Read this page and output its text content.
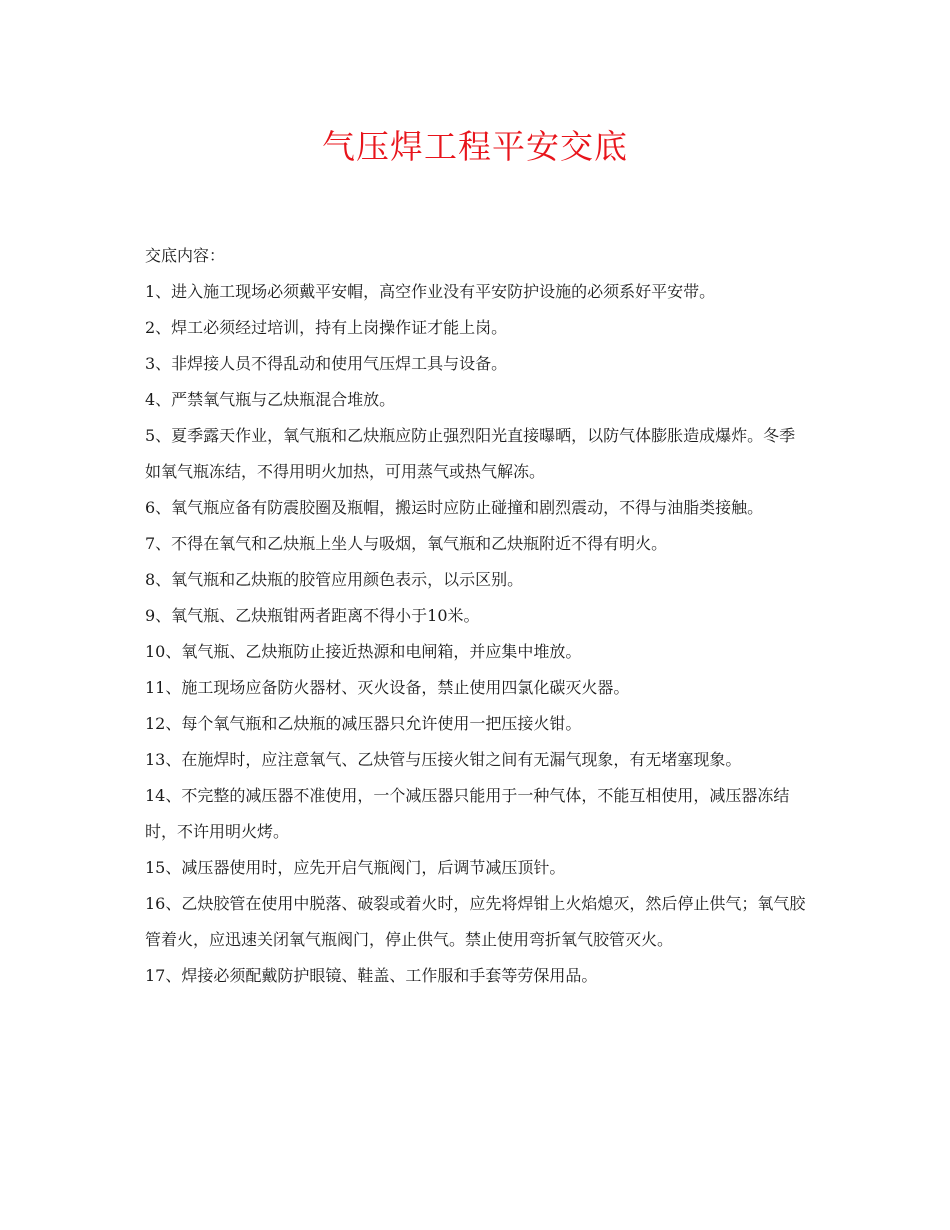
气压焊工程平安交底

交底内容：

1、进入施工现场必须戴平安帽，高空作业没有平安防护设施的必须系好平安带。

2、焊工必须经过培训，持有上岗操作证才能上岗。

3、非焊接人员不得乱动和使用气压焊工具与设备。

4、严禁氧气瓶与乙炔瓶混合堆放。

5、夏季露天作业，氧气瓶和乙炔瓶应防止强烈阳光直接曝晒，以防气体膨胀造成爆炸。冬季如氧气瓶冻结，不得用明火加热，可用蒸气或热气解冻。

6、氧气瓶应备有防震胶圈及瓶帽，搬运时应防止碰撞和剧烈震动，不得与油脂类接触。

7、不得在氧气和乙炔瓶上坐人与吸烟，氧气瓶和乙炔瓶附近不得有明火。

8、氧气瓶和乙炔瓶的胶管应用颜色表示，以示区别。

9、氧气瓶、乙炔瓶钳两者距离不得小于10米。

10、氧气瓶、乙炔瓶防止接近热源和电闸箱，并应集中堆放。

11、施工现场应备防火器材、灭火设备，禁止使用四氯化碳灭火器。

12、每个氧气瓶和乙炔瓶的减压器只允许使用一把压接火钳。

13、在施焊时，应注意氧气、乙炔管与压接火钳之间有无漏气现象，有无堵塞现象。

14、不完整的减压器不准使用，一个减压器只能用于一种气体，不能互相使用，减压器冻结时，不许用明火烤。

15、减压器使用时，应先开启气瓶阀门，后调节减压顶针。

16、乙炔胶管在使用中脱落、破裂或着火时，应先将焊钳上火焰熄灭，然后停止供气；氧气胶管着火，应迅速关闭氧气瓶阀门，停止供气。禁止使用弯折氧气胶管灭火。

17、焊接必须配戴防护眼镜、鞋盖、工作服和手套等劳保用品。
